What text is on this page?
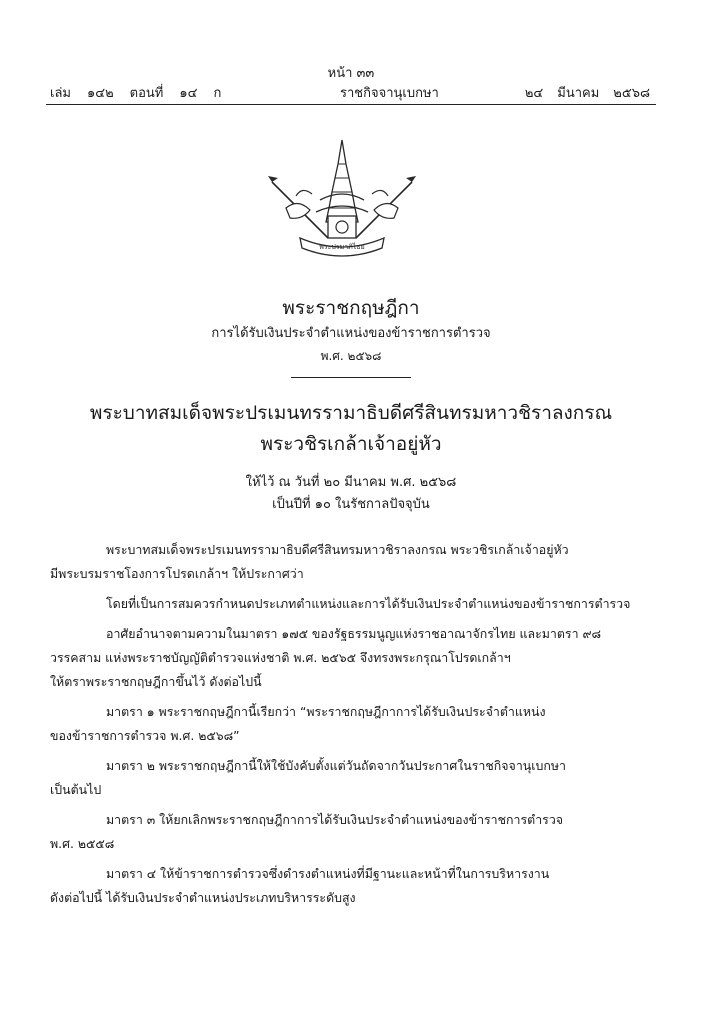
หน้า ๓๓
เล่ม ๑๔๒ ตอนที่ ๑๔ ก	ราชกิจจานุเบกษา	๒๔ มีนาคม ๒๕๖๘
พระปรมาภิไธย
พระราชกฤษฎีกา
การได้รับเงินประจำตำแหน่งของข้าราชการตำรวจ
พ.ศ. ๒๕๖๘
พระบาทสมเด็จพระปรเมนทรรามาธิบดีศรีสินทรมหาวชิราลงกรณ
พระวชิรเกล้าเจ้าอยู่หัว
ให้ไว้ ณ วันที่ ๒๐ มีนาคม พ.ศ. ๒๕๖๘
เป็นปีที่ ๑๐ ในรัชกาลปัจจุบัน

พระบาทสมเด็จพระปรเมนทรรามาธิบดีศรีสินทรมหาวชิราลงกรณ พระวชิรเกล้าเจ้าอยู่หัว
มีพระบรมราชโองการโปรดเกล้าฯ ให้ประกาศว่า

โดยที่เป็นการสมควรกำหนดประเภทตำแหน่งและการได้รับเงินประจำตำแหน่งของข้าราชการตำรวจ

อาศัยอำนาจตามความในมาตรา ๑๗๕ ของรัฐธรรมนูญแห่งราชอาณาจักรไทย และมาตรา ๙๘
วรรคสาม แห่งพระราชบัญญัติตำรวจแห่งชาติ พ.ศ. ๒๕๖๕ จึงทรงพระกรุณาโปรดเกล้าฯ
ให้ตราพระราชกฤษฎีกาขึ้นไว้ ดังต่อไปนี้

มาตรา ๑ พระราชกฤษฎีกานี้เรียกว่า “พระราชกฤษฎีกาการได้รับเงินประจำตำแหน่ง
ของข้าราชการตำรวจ พ.ศ. ๒๕๖๘”

มาตรา ๒ พระราชกฤษฎีกานี้ให้ใช้บังคับตั้งแต่วันถัดจากวันประกาศในราชกิจจานุเบกษา
เป็นต้นไป

มาตรา ๓ ให้ยกเลิกพระราชกฤษฎีกาการได้รับเงินประจำตำแหน่งของข้าราชการตำรวจ
พ.ศ. ๒๕๕๘

มาตรา ๔ ให้ข้าราชการตำรวจซึ่งดำรงตำแหน่งที่มีฐานะและหน้าที่ในการบริหารงาน
ดังต่อไปนี้ ได้รับเงินประจำตำแหน่งประเภทบริหารระดับสูง
